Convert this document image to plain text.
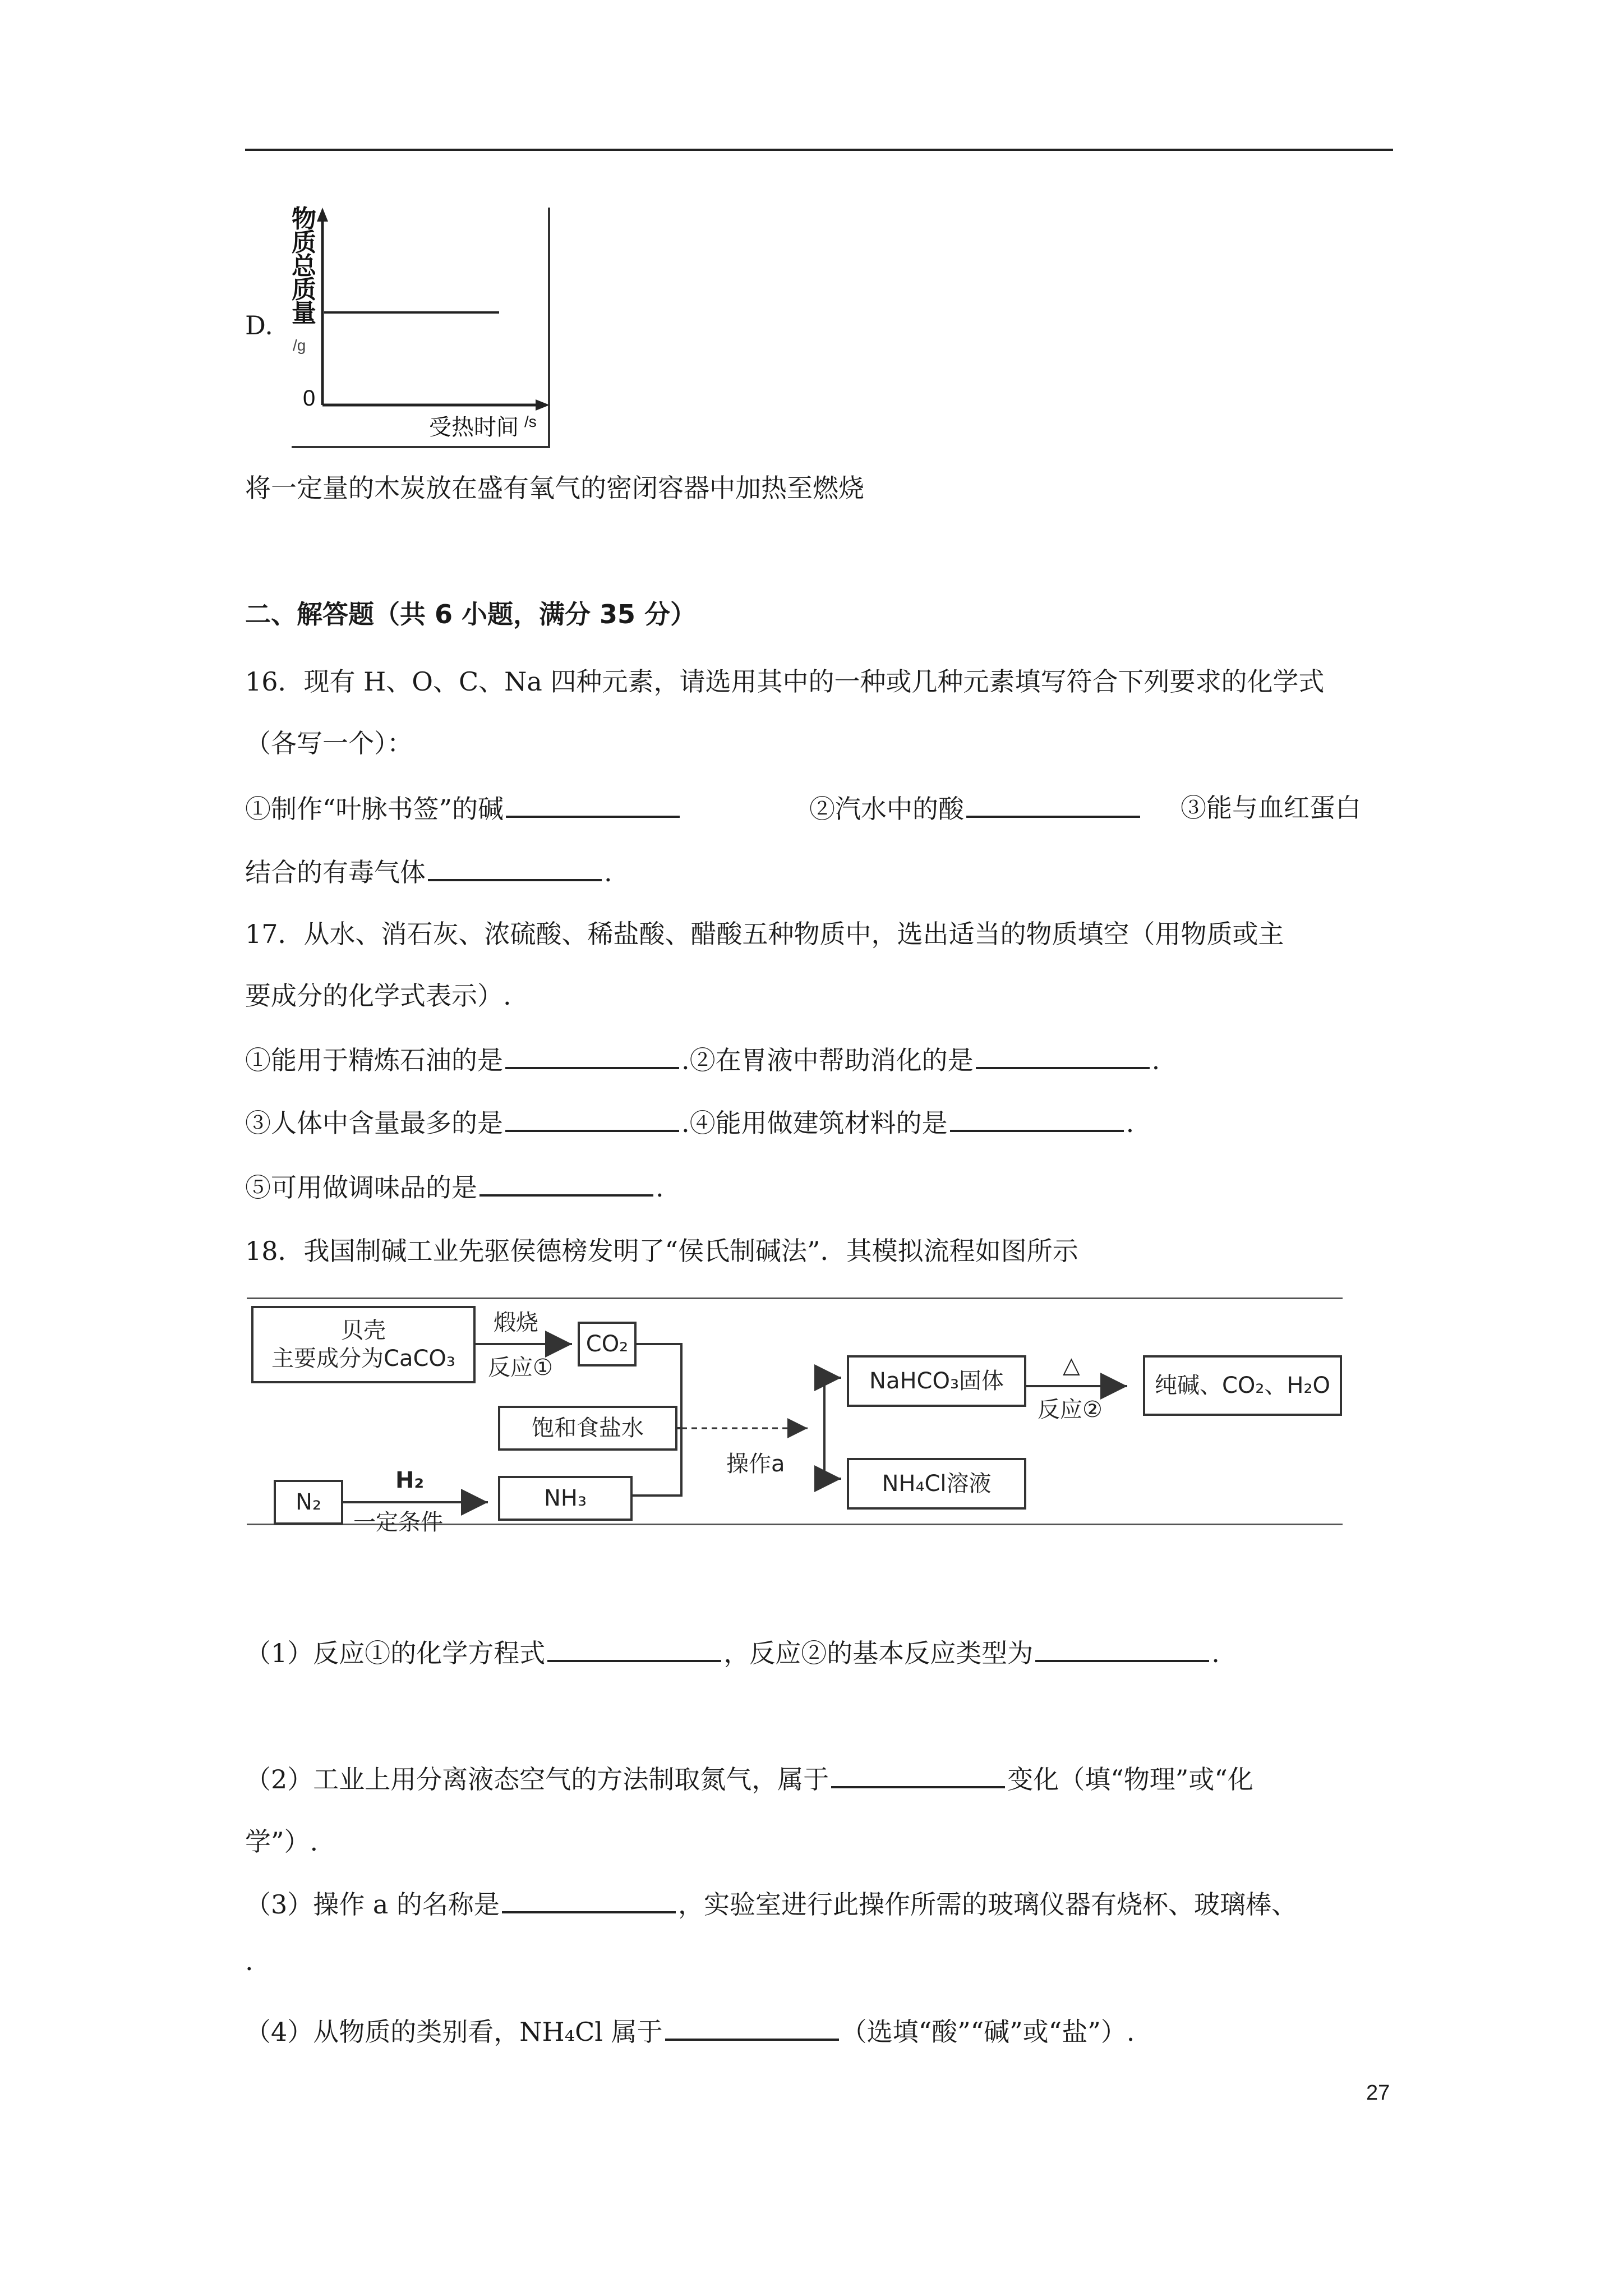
D.
物质总质量
/g
0
受热时间 /s
将一定量的木炭放在盛有氧气的密闭容器中加热至燃烧
二、解答题（共 6 小题，满分 35 分）
16．现有 H、O、C、Na 四种元素，请选用其中的一种或几种元素填写符合下列要求的化学式
（各写一个）：
①制作“叶脉书签”的碱	②汽水中的酸	③能与血红蛋白
结合的有毒气体	.
17．从水、消石灰、浓硫酸、稀盐酸、醋酸五种物质中，选出适当的物质填空（用物质或主
要成分的化学式表示）.
①能用于精炼石油的是	.②在胃液中帮助消化的是	.
③人体中含量最多的是	.④能用做建筑材料的是	.
⑤可用做调味品的是	.
18．我国制碱工业先驱侯德榜发明了“侯氏制碱法”．其模拟流程如图所示
贝壳
主要成分为CaCO₃
煅烧
反应①
CO₂
饱和食盐水
N₂
H₂
一定条件
NH₃
操作a
NaHCO₃固体
△
反应②
纯碱、CO₂、H₂O
NH₄Cl溶液
（1）反应①的化学方程式	，反应②的基本反应类型为	.
（2）工业上用分离液态空气的方法制取氮气，属于	变化（填“物理”或“化
学”）.
（3）操作 a 的名称是	，实验室进行此操作所需的玻璃仪器有烧杯、玻璃棒、
.
（4）从物质的类别看，NH₄Cl 属于	（选填“酸”“碱”或“盐”）.
27
